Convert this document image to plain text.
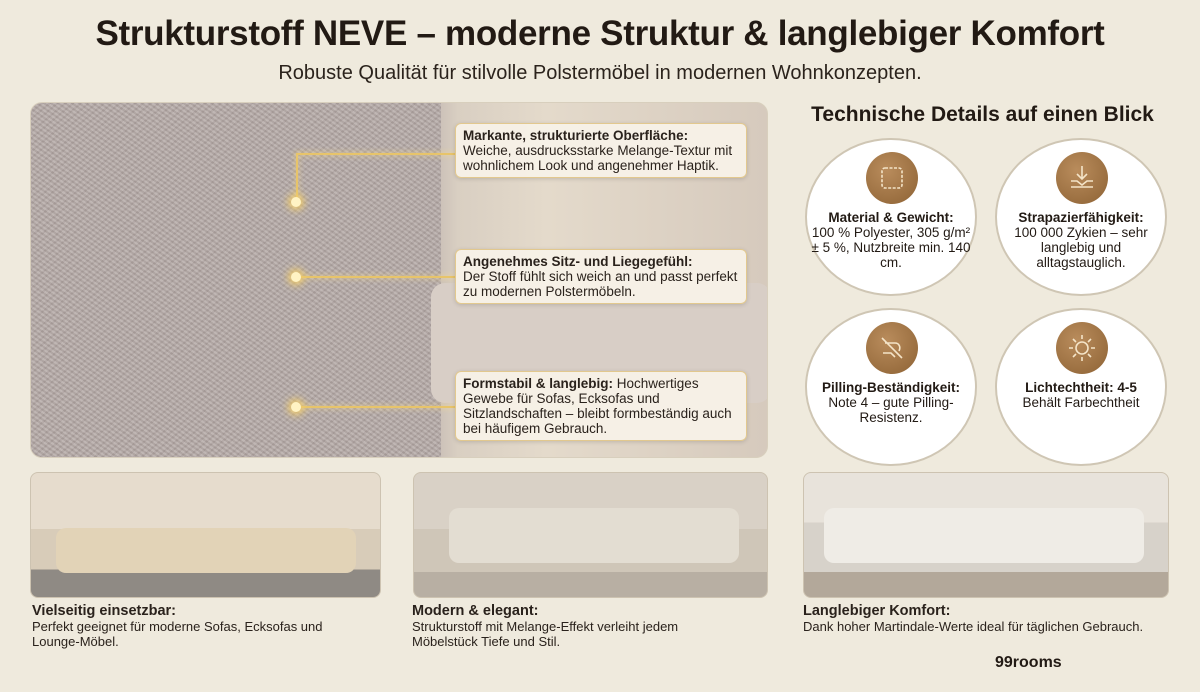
Strukturstoff NEVE – moderne Struktur & langlebiger Komfort
Robuste Qualität für stilvolle Polstermöbel in modernen Wohnkonzepten.
Markante, strukturierte Oberfläche:
Weiche, ausdrucksstarke Melange-Textur mit wohnlichem Look und angenehmer Haptik.
Angenehmes Sitz- und Liegegefühl:
Der Stoff fühlt sich weich an und passt perfekt zu modernen Polstermöbeln.
Formstabil & langlebig: Hochwertiges Gewebe für Sofas, Ecksofas und Sitzlandschaften – bleibt formbeständig auch bei häufigem Gebrauch.
Technische Details auf einen Blick
Material & Gewicht:
100 % Polyester, 305 g/m² ± 5 %, Nutzbreite min. 140 cm.
Strapazierfähigkeit:
100 000 Zykien – sehr langlebig und alltagstauglich.
Pilling-Beständigkeit:
Note 4 – gute Pilling-Resistenz.
Lichtechtheit: 4-5
Behält Farbechtheit
Vielseitig einsetzbar:
Perfekt geeignet für moderne Sofas, Ecksofas und Lounge-Möbel.
Modern & elegant:
Strukturstoff mit Melange-Effekt verleiht jedem Möbelstück Tiefe und Stil.
Langlebiger Komfort:
Dank hoher Martindale-Werte ideal für täglichen Gebrauch.
99rooms
